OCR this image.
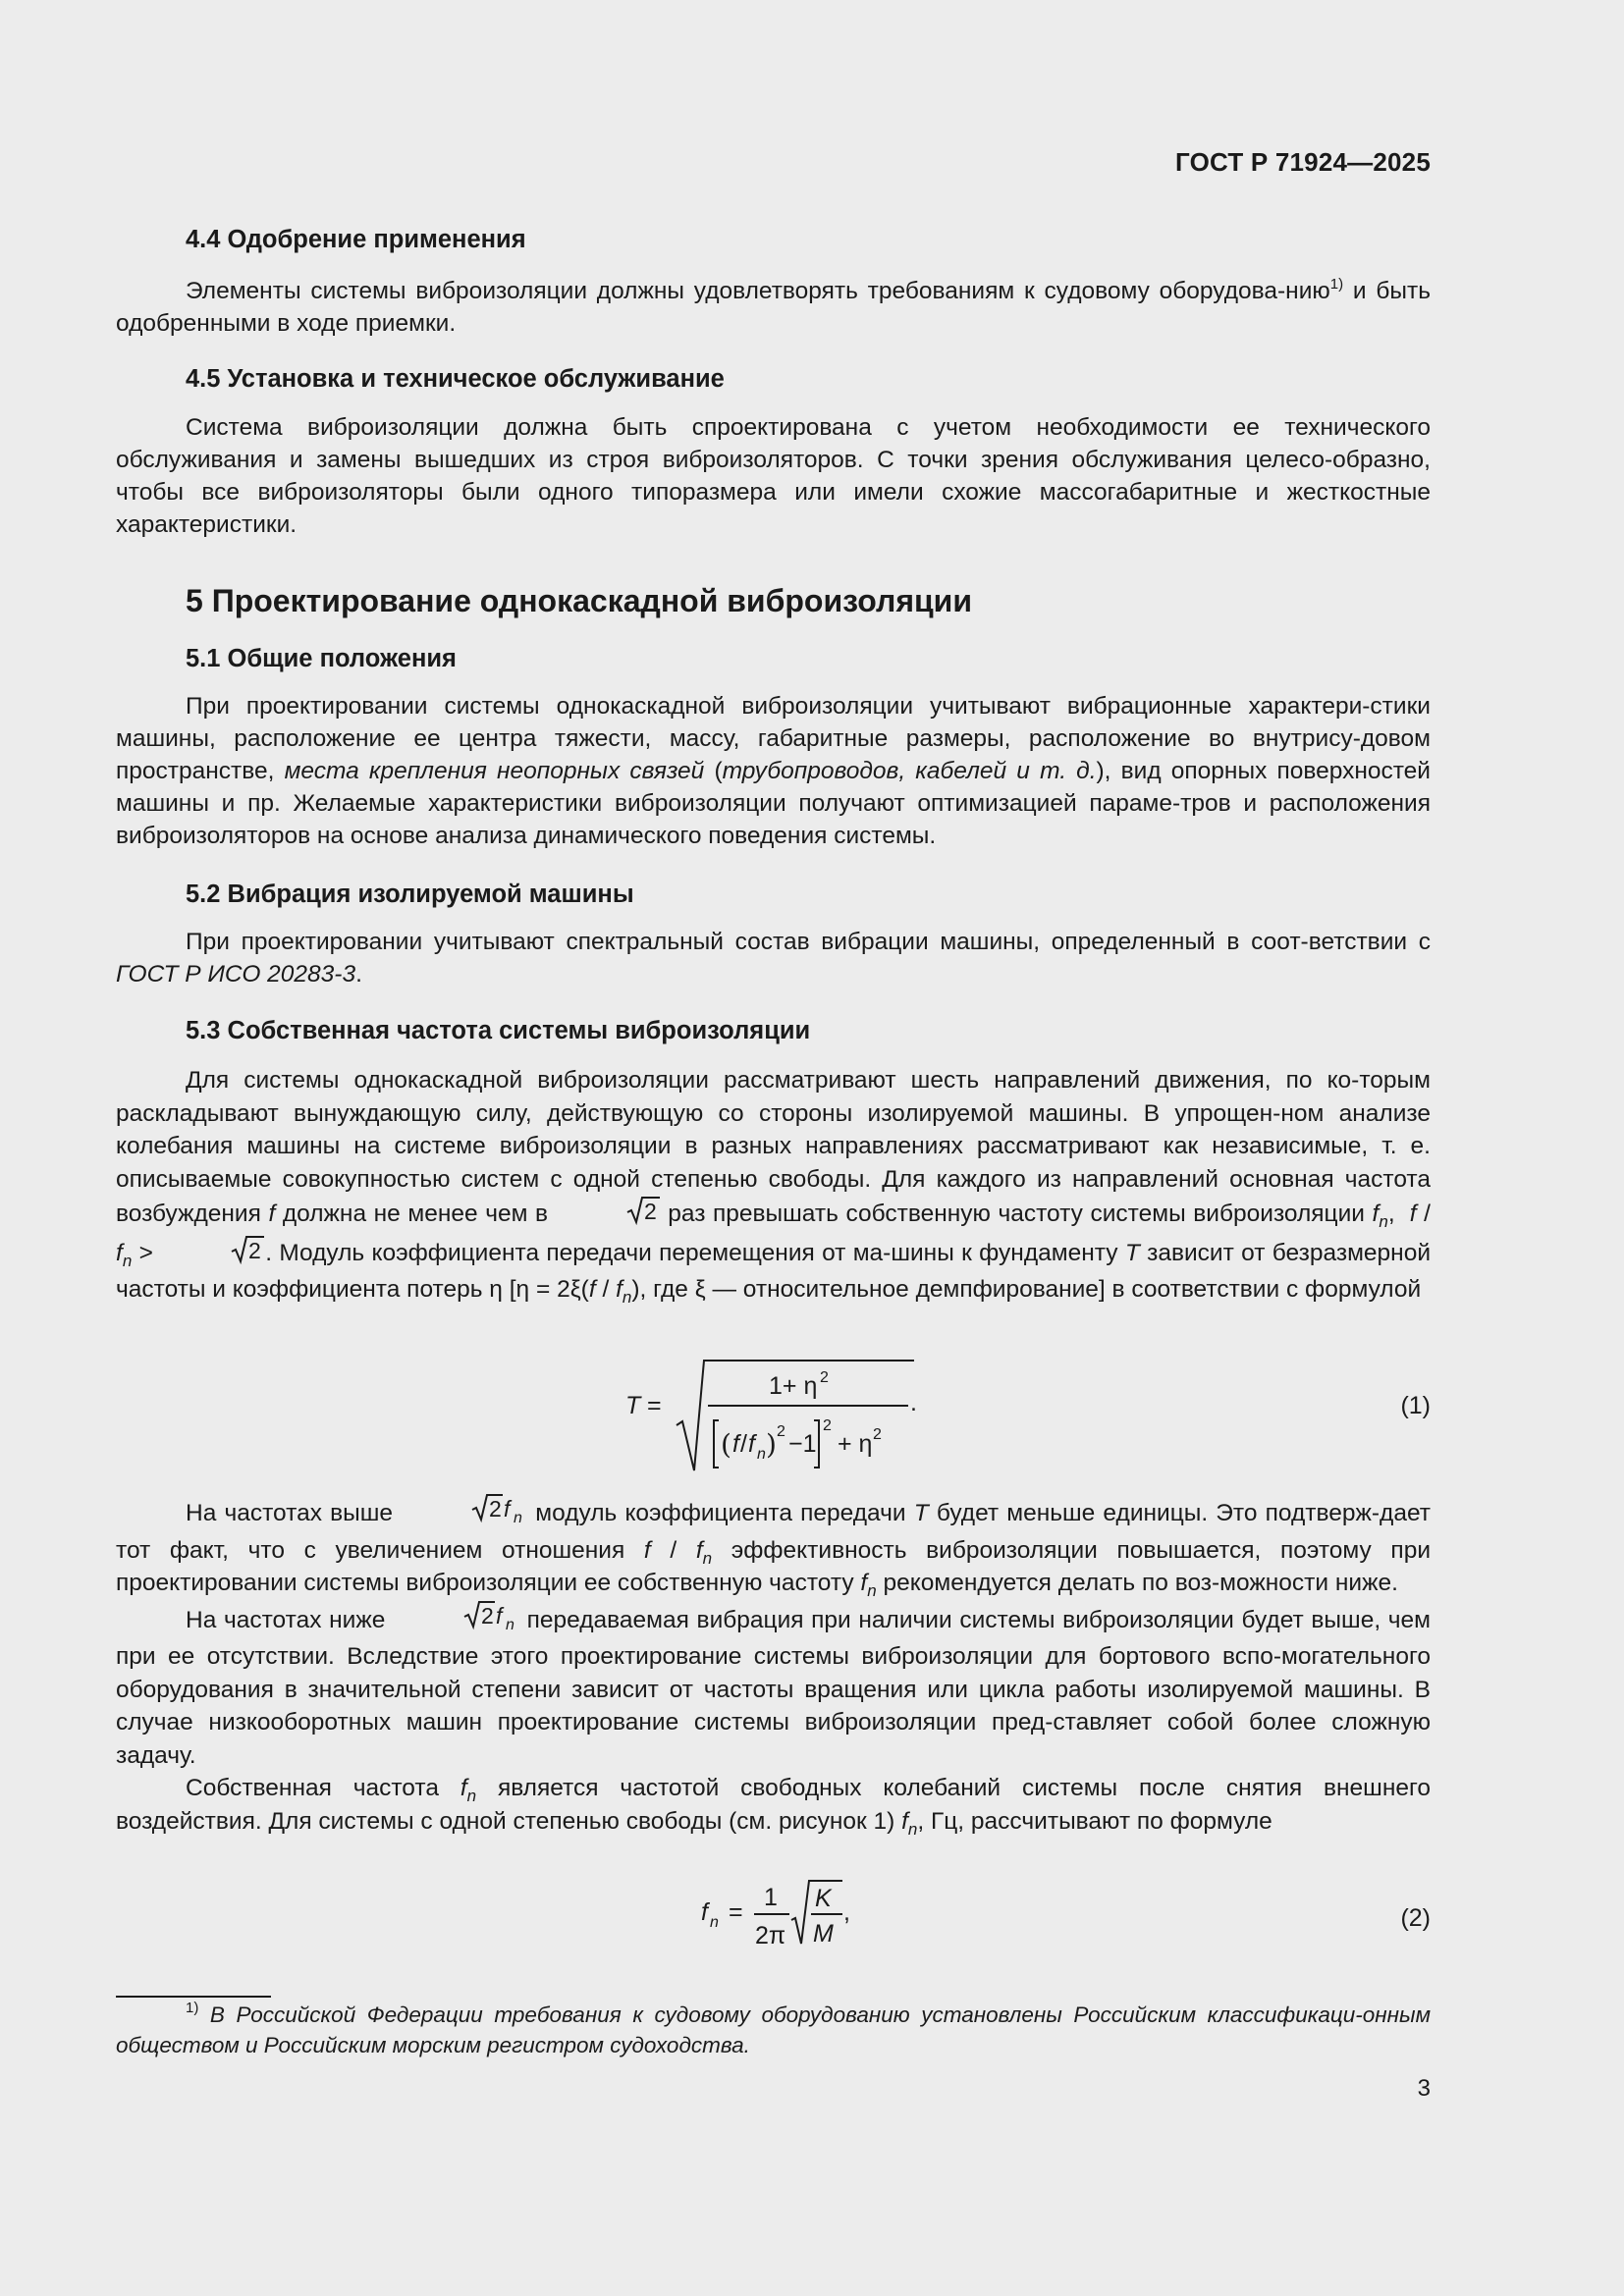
ГОСТ Р 71924—2025
4.4 Одобрение применения

Элементы системы виброизоляции должны удовлетворять требованиям к судовому оборудова-нию$^{1)}$ и быть одобренными в ходе приемки.

4.5 Установка и техническое обслуживание

Система виброизоляции должна быть спроектирована с учетом необходимости ее технического обслуживания и замены вышедших из строя виброизоляторов. С точки зрения обслуживания целесо-образно, чтобы все виброизоляторы были одного типоразмера или имели схожие массогабаритные и жесткостные характеристики.

5 Проектирование однокаскадной виброизоляции
5.1 Общие положения

При проектировании системы однокаскадной виброизоляции учитывают вибрационные характери-стики машины, расположение ее центра тяжести, массу, габаритные размеры, расположение во внутрису-довом пространстве, места крепления неопорных связей (трубопроводов, кабелей и т. д.), вид опорных поверхностей машины и пр. Желаемые характеристики виброизоляции получают оптимизацией параме-тров и расположения виброизоляторов на основе анализа динамического поведения системы.

5.2 Вибрация изолируемой машины

При проектировании учитывают спектральный состав вибрации машины, определенный в соот-ветствии с ГОСТ Р ИСО 20283-3.

5.3 Собственная частота системы виброизоляции

Для системы однокаскадной виброизоляции рассматривают шесть направлений движения, по ко-торым раскладывают вынуждающую силу, действующую со стороны изолируемой машины. В упрощен-ном анализе колебания машины на системе виброизоляции в разных направлениях рассматривают как независимые, т. е. описываемые совокупностью систем с одной степенью свободы. Для каждого из направлений основная частота возбуждения f должна не менее чем в	2 раз превышать собственную частоту системы виброизоляции $f_n$,  f / $f_n$ >	2 . Модуль коэффициента передачи перемещения от ма-шины к фундаменту T зависит от безразмерной частоты и коэффициента потерь η [$\eta = 2\xi(f / f_n)$, где ξ — относительное демпфирование] в соответствии с формулой

T =
1+ η 2
.
( f / f n ) 2 −1
2
+ η 2
(1)

На частотах выше	2 f n модуль коэффициента передачи T будет меньше единицы. Это подтверж-дает тот факт, что с увеличением отношения f / $f_n$ эффективность виброизоляции повышается, поэтому при проектировании системы виброизоляции ее собственную частоту $f_n$ рекомендуется делать по воз-можности ниже.

На частотах ниже	2 f n передаваемая вибрация при наличии системы виброизоляции будет выше, чем при ее отсутствии. Вследствие этого проектирование системы виброизоляции для бортового вспо-могательного оборудования в значительной степени зависит от частоты вращения или цикла работы изолируемой машины. В случае низкооборотных машин проектирование системы виброизоляции пред-ставляет собой более сложную задачу.

Собственная частота $f_n$ является частотой свободных колебаний системы после снятия внешнего воздействия. Для системы с одной степенью свободы (см. рисунок 1) $f_n$, Гц, рассчитывают по формуле

f n =
1
2π
K
M
,	(2)
$^{1)}$ В Российской Федерации требования к судовому оборудованию установлены Российским классификаци-онным обществом и Российским морским регистром судоходства.
3
